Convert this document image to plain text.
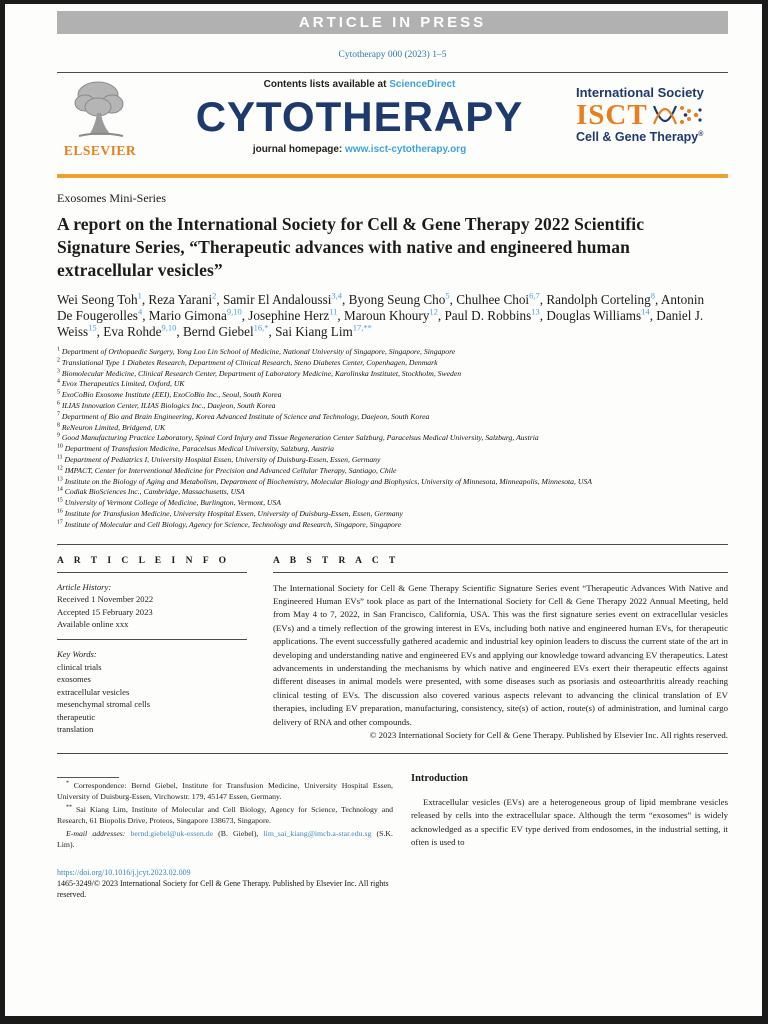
ARTICLE IN PRESS
Cytotherapy 000 (2023) 1–5
ELSEVIER
Contents lists available at ScienceDirect
CYTOTHERAPY
journal homepage: www.isct-cytotherapy.org
International Society
ISCT
Cell & Gene Therapy®
Exosomes Mini-Series
A report on the International Society for Cell & Gene Therapy 2022 Scientific Signature Series, “Therapeutic advances with native and engineered human extracellular vesicles”
Wei Seong Toh$^1$ , Reza Yarani$^2$ , Samir El Andaloussi$^{3,4}$ , Byong Seung Cho$^5$ , Chulhee Choi$^{6,7}$ , Randolph Corteling$^8$ , Antonin De Fougerolles$^4$ , Mario Gimona$^{9,10}$ , Josephine Herz$^{11}$ , Maroun Khoury$^{12}$ , Paul D. Robbins$^{13}$ , Douglas Williams$^{14}$ , Daniel J. Weiss$^{15}$ , Eva Rohde$^{9,10}$ , Bernd Giebel$^{16,*}$ , Sai Kiang Lim$^{17,**}$
$^1$ Department of Orthopaedic Surgery, Yong Loo Lin School of Medicine, National University of Singapore, Singapore, Singapore
$^2$ Translational Type 1 Diabetes Research, Department of Clinical Research, Steno Diabetes Center, Copenhagen, Denmark
$^3$ Biomolecular Medicine, Clinical Research Center, Department of Laboratory Medicine, Karolinska Institutet, Stockholm, Sweden
$^4$ Evox Therapeutics Limited, Oxford, UK
$^5$ ExoCoBio Exosome Institute (EEI), ExoCoBio Inc., Seoul, South Korea
$^6$ ILIAS Innovation Center, ILIAS Biologics Inc., Daejeon, South Korea
$^7$ Department of Bio and Brain Engineering, Korea Advanced Institute of Science and Technology, Daejeon, South Korea
$^8$ ReNeuron Limited, Bridgend, UK
$^9$ Good Manufacturing Practice Laboratory, Spinal Cord Injury and Tissue Regeneration Center Salzburg, Paracelsus Medical University, Salzburg, Austria
$^{10}$ Department of Transfusion Medicine, Paracelsus Medical University, Salzburg, Austria
$^{11}$ Department of Pediatrics I, University Hospital Essen, University of Duisburg-Essen, Essen, Germany
$^{12}$ IMPACT, Center for Interventional Medicine for Precision and Advanced Cellular Therapy, Santiago, Chile
$^{13}$ Institute on the Biology of Aging and Metabolism, Department of Biochemistry, Molecular Biology and Biophysics, University of Minnesota, Minneapolis, Minnesota, USA
$^{14}$ Codiak BioSciences Inc., Cambridge, Massachusetts, USA
$^{15}$ University of Vermont College of Medicine, Burlington, Vermont, USA
$^{16}$ Institute for Transfusion Medicine, University Hospital Essen, University of Duisburg-Essen, Essen, Germany
$^{17}$ Institute of Molecular and Cell Biology, Agency for Science, Technology and Research, Singapore, Singapore
A R T I C L E I N F O
Article History:
Received 1 November 2022
Accepted 15 February 2023
Available online xxx
Key Words:
clinical trials
exosomes
extracellular vesicles
mesenchymal stromal cells
therapeutic
translation
A B S T R A C T

The International Society for Cell & Gene Therapy Scientific Signature Series event “Therapeutic Advances With Native and Engineered Human EVs” took place as part of the International Society for Cell & Gene Therapy 2022 Annual Meeting, held from May 4 to 7, 2022, in San Francisco, California, USA. This was the first signature series event on extracellular vesicles (EVs) and a timely reflection of the growing interest in EVs, including both native and engineered human EVs, for therapeutic applications. The event successfully gathered academic and industrial key opinion leaders to discuss the current state of the art in developing and understanding native and engineered EVs and applying our knowledge toward advancing EV therapeutics. Latest advancements in understanding the mechanisms by which native and engineered EVs exert their therapeutic effects against different diseases in animal models were presented, with some diseases such as psoriasis and osteoarthritis already reaching clinical testing of EVs. The discussion also covered various aspects relevant to advancing the clinical translation of EV therapies, including EV preparation, manufacturing, consistency, site(s) of action, route(s) of administration, and luminal cargo delivery of RNA and other compounds.

© 2023 International Society for Cell & Gene Therapy. Published by Elsevier Inc. All rights reserved.

* Correspondence: Bernd Giebel, Institute for Transfusion Medicine, University Hospital Essen, University of Duisburg-Essen, Virchowstr. 179, 45147 Essen, Germany.

** Sai Kiang Lim, Institute of Molecular and Cell Biology, Agency for Science, Technology and Research, 61 Biopolis Drive, Proteos, Singapore 138673, Singapore.

E-mail addresses: bernd.giebel@uk-essen.de (B. Giebel), lim_sai_kiang@imcb.a-star.edu.sg (S.K. Lim).

https://doi.org/10.1016/j.jcyt.2023.02.009
1465-3249/© 2023 International Society for Cell & Gene Therapy. Published by Elsevier Inc. All rights reserved.
Introduction

Extracellular vesicles (EVs) are a heterogeneous group of lipid membrane vesicles released by cells into the extracellular space. Although the term “exosomes” is widely acknowledged as a specific EV type derived from endosomes, in the industrial setting, it often is used to
